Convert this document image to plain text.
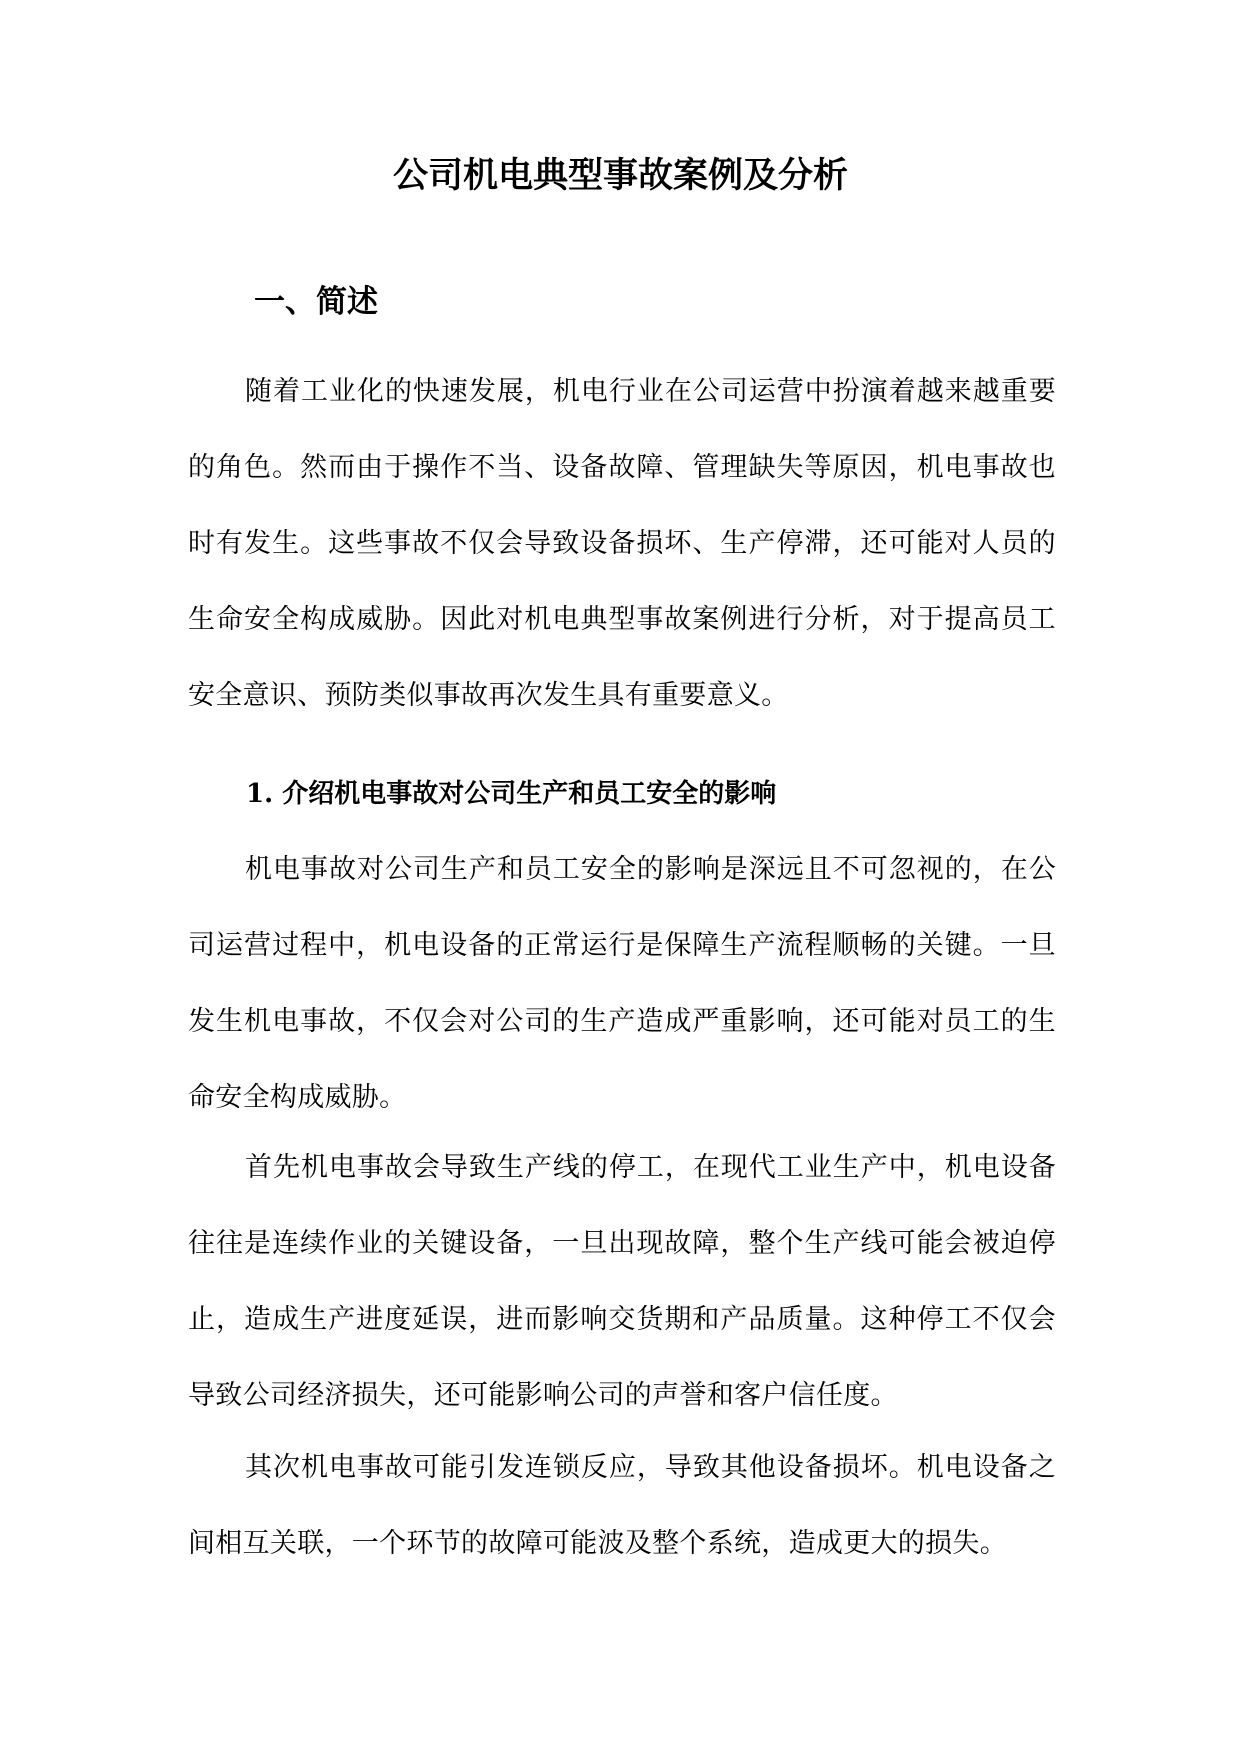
公司机电典型事故案例及分析
一、简述

随着工业化的快速发展，机电行业在公司运营中扮演着越来越重要的角色。然而由于操作不当、设备故障、管理缺失等原因，机电事故也时有发生。这些事故不仅会导致设备损坏、生产停滞，还可能对人员的生命安全构成威胁。因此对机电典型事故案例进行分析，对于提高员工安全意识、预防类似事故再次发生具有重要意义。

1. 介绍机电事故对公司生产和员工安全的影响

机电事故对公司生产和员工安全的影响是深远且不可忽视的，在公司运营过程中，机电设备的正常运行是保障生产流程顺畅的关键。一旦发生机电事故，不仅会对公司的生产造成严重影响，还可能对员工的生命安全构成威胁。

首先机电事故会导致生产线的停工，在现代工业生产中，机电设备往往是连续作业的关键设备，一旦出现故障，整个生产线可能会被迫停止，造成生产进度延误，进而影响交货期和产品质量。这种停工不仅会导致公司经济损失，还可能影响公司的声誉和客户信任度。

其次机电事故可能引发连锁反应，导致其他设备损坏。机电设备之间相互关联，一个环节的故障可能波及整个系统，造成更大的损失。
